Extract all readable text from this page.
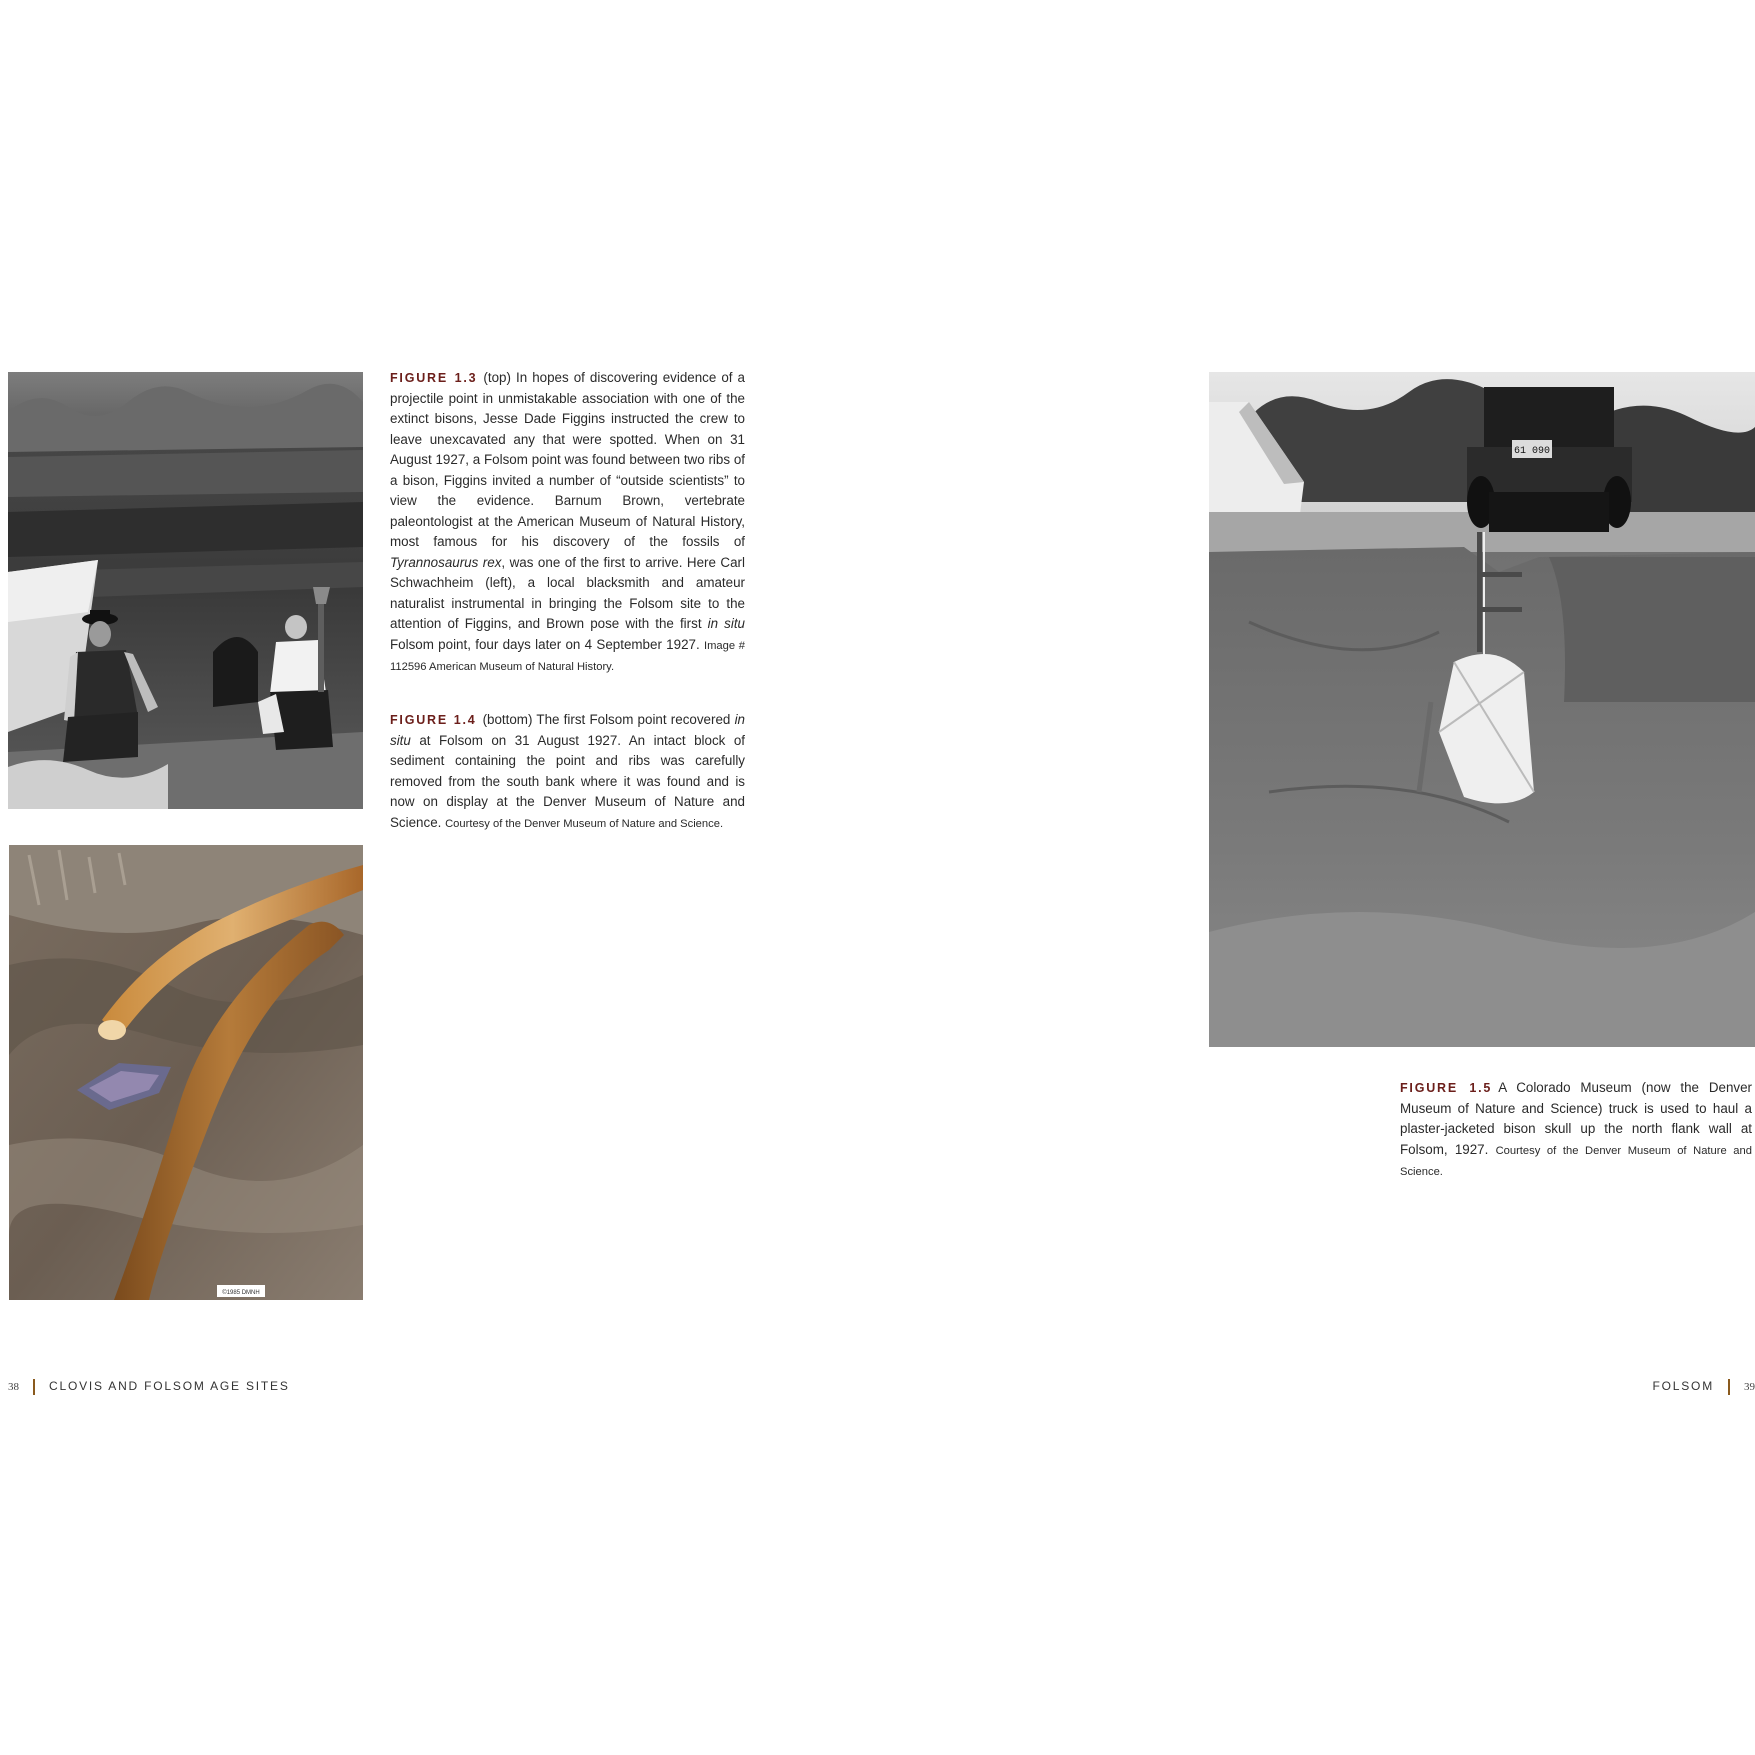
FIGURE 1.3 (top) In hopes of discovering evidence of a projectile point in unmistakable association with one of the extinct bisons, Jesse Dade Figgins instructed the crew to leave unexcavated any that were spotted. When on 31 August 1927, a Folsom point was found between two ribs of a bison, Figgins invited a number of “outside scientists” to view the evidence. Barnum Brown, vertebrate paleontologist at the American Museum of Natural History, most famous for his discovery of the fossils of Tyrannosaurus rex, was one of the first to arrive. Here Carl Schwachheim (left), a local blacksmith and amateur naturalist instrumental in bringing the Folsom site to the attention of Figgins, and Brown pose with the first in situ Folsom point, four days later on 4 September 1927. Image # 112596 American Museum of Natural History.
FIGURE 1.4 (bottom) The first Folsom point recovered in situ at Folsom on 31 August 1927. An intact block of sediment containing the point and ribs was carefully removed from the south bank where it was found and is now on display at the Denver Museum of Nature and Science. Courtesy of the Denver Museum of Nature and Science.
©1985 DMNH
61 090
FIGURE 1.5 A Colorado Museum (now the Denver Museum of Nature and Science) truck is used to haul a plaster-jacketed bison skull up the north flank wall at Folsom, 1927. Courtesy of the Denver Museum of Nature and Science.
38	CLOVIS AND FOLSOM AGE SITES	FOLSOM	39
